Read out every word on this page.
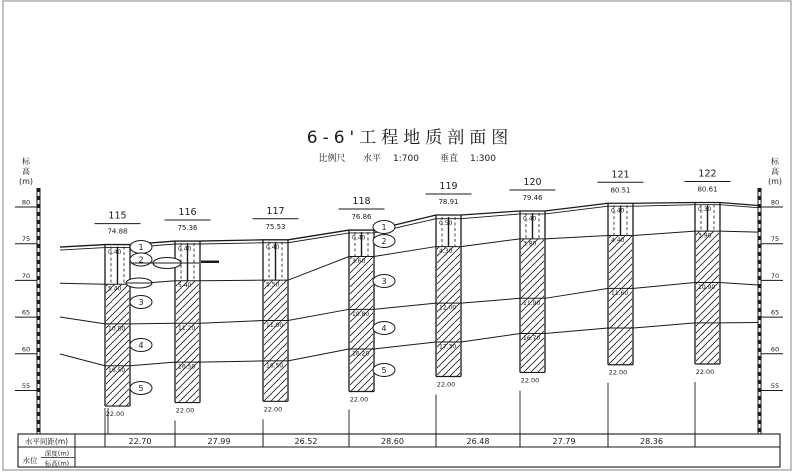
6-6'工程地质剖面图
比例尺 水平 1:700 垂直 1:300
标
高
(m)
80
75
70
65
60
55
标
高
(m)
80
75
70
65
60
55
115
74.88
0.40
5.40
10.80
16.50
22.00
116
75.36
0.40
5.40
11.20
16.50
22.00
117
75.53
0.40
5.50
11.00
16.50
22.00
118
76.86
0.40
3.60
10.80
16.20
22.00
119
78.91
0.50
4.30
12.00
17.30
22.00
120
79.46
0.40
3.80
11.90
16.70
22.00
121
80.51
0.40
4.40
11.60
22.00
122
80.61
0.30
3.90
10.90
22.00
1
2
3
4
5
1
2
3
4
5
水平间距(m)	22.70	27.99	26.52	28.60	26.48	27.79	28.36
水位
深度(m)
标高(m)
